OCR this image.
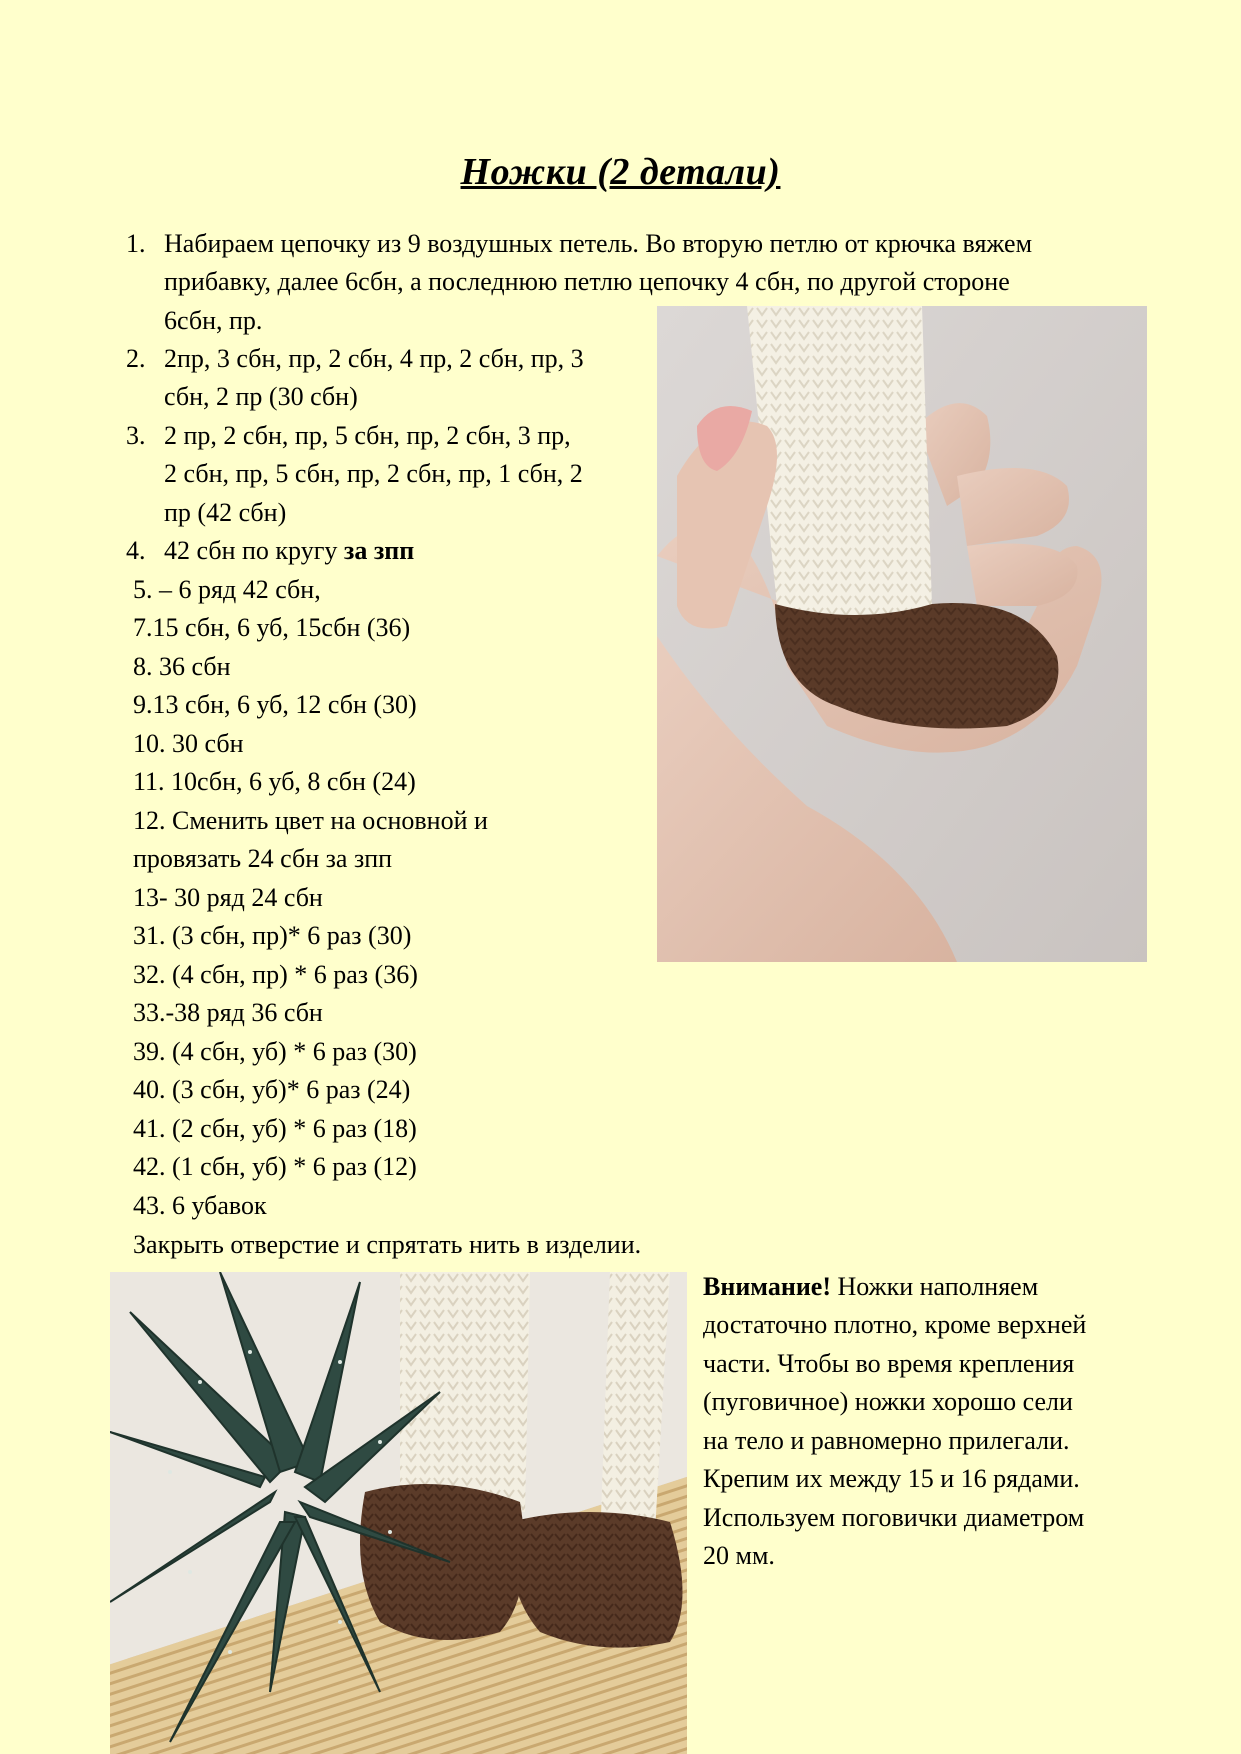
Ножки (2 детали)
1. Набираем цепочку из 9 воздушных петель. Во вторую петлю от крючка вяжем
прибавку, далее 6сбн, а последнюю петлю цепочку 4 сбн, по другой стороне
6сбн, пр.
2. 2пр, 3 сбн, пр, 2 сбн, 4 пр, 2 сбн, пр, 3
сбн, 2 пр (30 сбн)
3. 2 пр, 2 сбн, пр, 5 сбн, пр, 2 сбн, 3 пр,
2 сбн, пр, 5 сбн, пр, 2 сбн, пр, 1 сбн, 2
пр (42 сбн)
4. 42 сбн по кругу за зпп
5. – 6 ряд 42 сбн,
7.15 сбн, 6 уб, 15сбн (36)
8. 36 сбн
9.13 сбн, 6 уб, 12 сбн (30)
10. 30 сбн
11. 10сбн, 6 уб, 8 сбн (24)
12. Сменить цвет на основной и
провязать 24 сбн за зпп
13- 30 ряд 24 сбн
31. (3 сбн, пр)* 6 раз (30)
32. (4 сбн, пр) * 6 раз (36)
33.-38 ряд 36 сбн
39. (4 сбн, уб) * 6 раз (30)
40. (3 сбн, уб)* 6 раз (24)
41. (2 сбн, уб) * 6 раз (18)
42. (1 сбн, уб) * 6 раз (12)
43. 6 убавок
Закрыть отверстие и спрятать нить в изделии.
Внимание! Ножки наполняем
достаточно плотно, кроме верхней
части. Чтобы во время крепления
(пуговичное) ножки хорошо сели
на тело и равномерно прилегали.
Крепим их между 15 и 16 рядами.
Используем поговички диаметром
20 мм.
